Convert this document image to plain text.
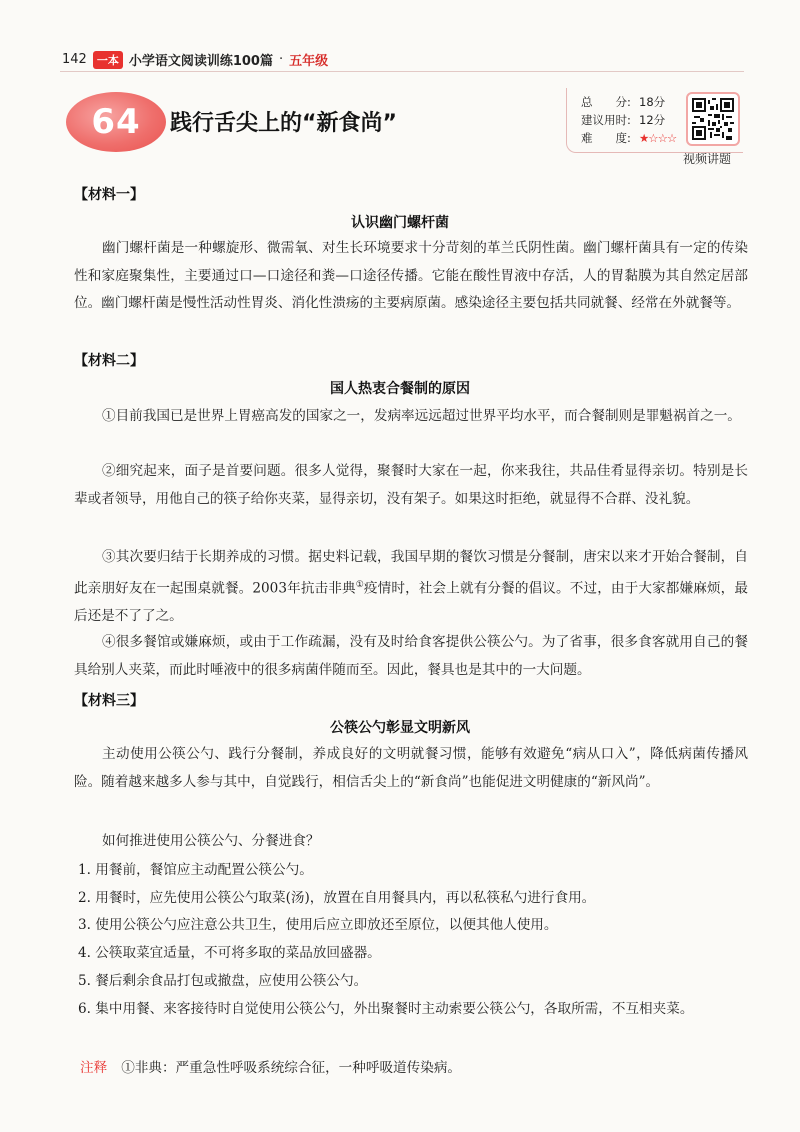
142 一本 小学语文阅读训练100篇 · 五年级
64 践行舌尖上的“新食尚”
总　　分: 18分
建议用时: 12分
难　　度: ★☆☆☆
视频讲题
【材料一】
认识幽门螺杆菌
幽门螺杆菌是一种螺旋形、微需氧、对生长环境要求十分苛刻的革兰氏阴性菌。幽门螺杆菌具有一定的传染性和家庭聚集性，主要通过口—口途径和粪—口途径传播。它能在酸性胃液中存活，人的胃黏膜为其自然定居部位。幽门螺杆菌是慢性活动性胃炎、消化性溃疡的主要病原菌。感染途径主要包括共同就餐、经常在外就餐等。
【材料二】
国人热衷合餐制的原因
①目前我国已是世界上胃癌高发的国家之一，发病率远远超过世界平均水平，而合餐制则是罪魁祸首之一。
②细究起来，面子是首要问题。很多人觉得，聚餐时大家在一起，你来我往，共品佳肴显得亲切。特别是长辈或者领导，用他自己的筷子给你夹菜，显得亲切，没有架子。如果这时拒绝，就显得不合群、没礼貌。
③其次要归结于长期养成的习惯。据史料记载，我国早期的餐饮习惯是分餐制，唐宋以来才开始合餐制，自此亲朋好友在一起围桌就餐。2003年抗击非典①疫情时，社会上就有分餐的倡议。不过，由于大家都嫌麻烦，最后还是不了了之。
④很多餐馆或嫌麻烦，或由于工作疏漏，没有及时给食客提供公筷公勺。为了省事，很多食客就用自己的餐具给别人夹菜，而此时唾液中的很多病菌伴随而至。因此，餐具也是其中的一大问题。
【材料三】
公筷公勺彰显文明新风
主动使用公筷公勺、践行分餐制，养成良好的文明就餐习惯，能够有效避免“病从口入”，降低病菌传播风险。随着越来越多人参与其中，自觉践行，相信舌尖上的“新食尚”也能促进文明健康的“新风尚”。
如何推进使用公筷公勺、分餐进食？
1. 用餐前，餐馆应主动配置公筷公勺。
2. 用餐时，应先使用公筷公勺取菜(汤)，放置在自用餐具内，再以私筷私勺进行食用。
3. 使用公筷公勺应注意公共卫生，使用后应立即放还至原位，以便其他人使用。
4. 公筷取菜宜适量，不可将多取的菜品放回盛器。
5. 餐后剩余食品打包或撤盘，应使用公筷公勺。
6. 集中用餐、来客接待时自觉使用公筷公勺，外出聚餐时主动索要公筷公勺，各取所需，不互相夹菜。
注释 ①非典：严重急性呼吸系统综合征，一种呼吸道传染病。
